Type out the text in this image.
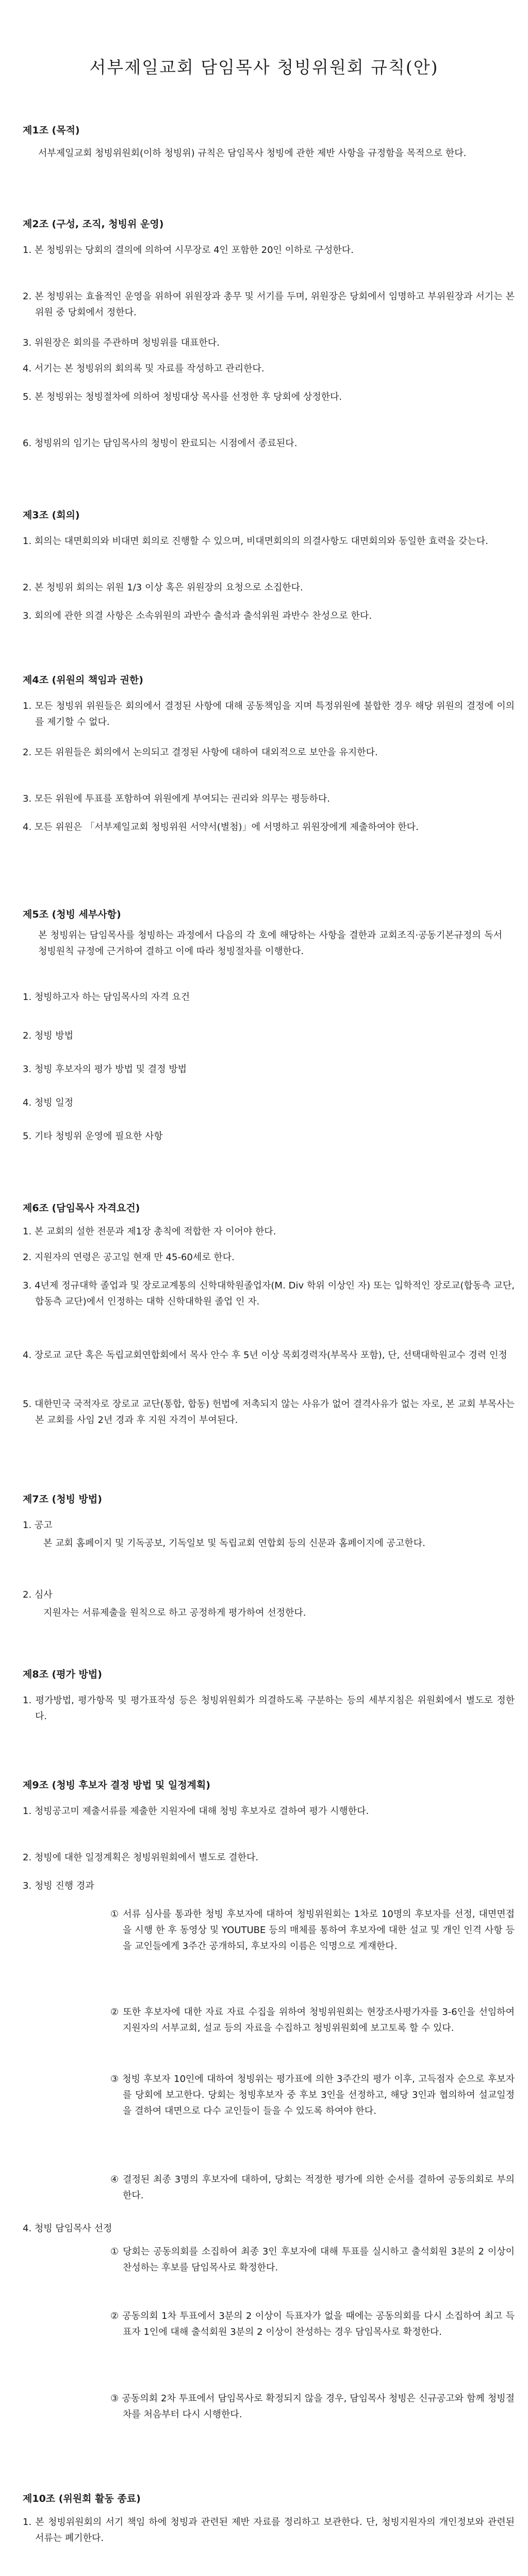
서부제일교회 담임목사 청빙위원회 규칙(안)
제1조 (목적)
서부제일교회 청빙위원회(이하 청빙위) 규칙은 담임목사 청빙에 관한 제반 사항을 규정함을 목적으로 한다.
제2조 (구성, 조직, 청빙위 운영)
1. 본 청빙위는 당회의 결의에 의하여 시무장로 4인 포함한 20인 이하로 구성한다.
2. 본 청빙위는 효율적인 운영을 위하여 위원장과 총무 및 서기를 두며, 위원장은 당회에서 임명하고 부위원장과 서기는 본 위원 중 당회에서 정한다.
3. 위원장은 회의를 주관하며 청빙위를 대표한다.
4. 서기는 본 청빙위의 회의록 및 자료를 작성하고 관리한다.
5. 본 청빙위는 청빙절차에 의하여 청빙대상 목사를 선정한 후 당회에 상정한다.
6. 청빙위의 임기는 담임목사의 청빙이 완료되는 시점에서 종료된다.
제3조 (회의)
1. 회의는 대면회의와 비대면 회의로 진행할 수 있으며, 비대면회의의 의결사항도 대면회의와 동일한 효력을 갖는다.
2. 본 청빙위 회의는 위원 1/3 이상 혹은 위원장의 요청으로 소집한다.
3. 회의에 관한 의결 사항은 소속위원의 과반수 출석과 출석위원 과반수 찬성으로 한다.
제4조 (위원의 책임과 권한)
1. 모든 청빙위 위원들은 회의에서 결정된 사항에 대해 공동책임을 지며 특정위원에 불합한 경우 해당 위원의 결정에 이의를 제기할 수 없다.
2. 모든 위원들은 회의에서 논의되고 결정된 사항에 대하여 대외적으로 보안을 유지한다.
3. 모든 위원에 투표를 포함하여 위원에게 부여되는 권리와 의무는 평등하다.
4. 모든 위원은 「서부제일교회 청빙위원 서약서(별첨)」에 서명하고 위원장에게 제출하여야 한다.
제5조 (청빙 세부사항)
본 청빙위는 담임목사를 청빙하는 과정에서 다음의 각 호에 해당하는 사항을 결한과 교회조직·공동기본규정의 독서 청빙원칙 규정에 근거하여 결하고 이에 따라 청빙절차를 이행한다.
1. 청빙하고자 하는 담임목사의 자격 요건
2. 청빙 방법
3. 청빙 후보자의 평가 방법 및 결정 방법
4. 청빙 일정
5. 기타 청빙위 운영에 필요한 사항
제6조 (담임목사 자격요건)
1. 본 교회의 설한 전문과 제1장 총칙에 적합한 자 이어야 한다.
2. 지원자의 연령은 공고일 현재 만 45-60세로 한다.
3. 4년제 정규대학 졸업과 및 장로교계통의 신학대학원졸업자(M. Div 학위 이상인 자) 또는 입학적인 장로교(합동측 교단, 합동측 교단)에서 인정하는 대학 신학대학원 졸업 인 자.
4. 장로교 교단 혹은 독립교회연합회에서 목사 안수 후 5년 이상 목회경력자(부목사 포함), 단, 선택대학원교수 경력 인정
5. 대한민국 국적자로 장로교 교단(통합, 합동) 헌법에 저촉되지 않는 사유가 없어 결격사유가 없는 자로, 본 교회 부목사는 본 교회를 사임 2년 경과 후 지원 자격이 부여된다.
제7조 (청빙 방법)
1. 공고
본 교회 홈페이지 및 기독공보, 기독일보 및 독립교회 연합회 등의 신문과 홈페이지에 공고한다.
2. 심사
지원자는 서류제출을 원칙으로 하고 공정하게 평가하여 선정한다.
제8조 (평가 방법)
1. 평가방법, 평가항목 및 평가표작성 등은 청빙위원회가 의결하도록 구분하는 등의 세부지침은 위원회에서 별도로 정한다.
제9조 (청빙 후보자 결정 방법 및 일정계획)
1. 청빙공고미 제출서류를 제출한 지원자에 대해 청빙 후보자로 결하여 평가 시행한다.
2. 청빙에 대한 일정계획은 청빙위원회에서 별도로 결한다.
3. 청빙 진행 경과
① 서류 심사를 통과한 청빙 후보자에 대하여 청빙위원회는 1차로 10명의 후보자를 선정, 대면면접을 시행 한 후 동영상 및 YOUTUBE 등의 매체를 통하여 후보자에 대한 설교 및 개인 인격 사항 등을 교인들에게 3주간 공개하되, 후보자의 이름은 익명으로 게재한다.
② 또한 후보자에 대한 자료 자료 수집을 위하여 청빙위원회는 현장조사평가자를 3-6인을 선임하여 지원자의 서부교회, 설교 등의 자료을 수집하고 청빙위원회에 보고토록 할 수 있다.
③ 청빙 후보자 10인에 대하여 청빙위는 평가표에 의한 3주간의 평가 이후, 고득점자 순으로 후보자를 당회에 보고한다. 당회는 청빙후보자 중 후보 3인을 선정하고, 해당 3인과 협의하여 설교일정을 결하여 대면으로 다수 교인들이 들을 수 있도록 하여야 한다.
④ 결정된 최종 3명의 후보자에 대하여, 당회는 적정한 평가에 의한 순서를 결하여 공동의회로 부의한다.
4. 청빙 담임목사 선정
① 당회는 공동의회를 소집하여 최종 3인 후보자에 대해 투표를 실시하고 출석회원 3분의 2 이상이 찬성하는 후보를 담임목사로 확정한다.
② 공동의회 1차 투표에서 3분의 2 이상이 득표자가 없을 때에는 공동의회를 다시 소집하여 최고 득표자 1인에 대해 출석회원 3분의 2 이상이 찬성하는 경우 담임목사로 확정한다.
③ 공동의회 2차 투표에서 담임목사로 확정되지 않을 경우, 담임목사 청빙은 신규공고와 함께 청빙절차를 처음부터 다시 시행한다.
제10조 (위원회 활동 종료)
1. 본 청빙위원회의 서기 책임 하에 청빙과 관련된 제반 자료를 정리하고 보관한다. 단, 청빙지원자의 개인정보와 관련된 서류는 폐기한다.
